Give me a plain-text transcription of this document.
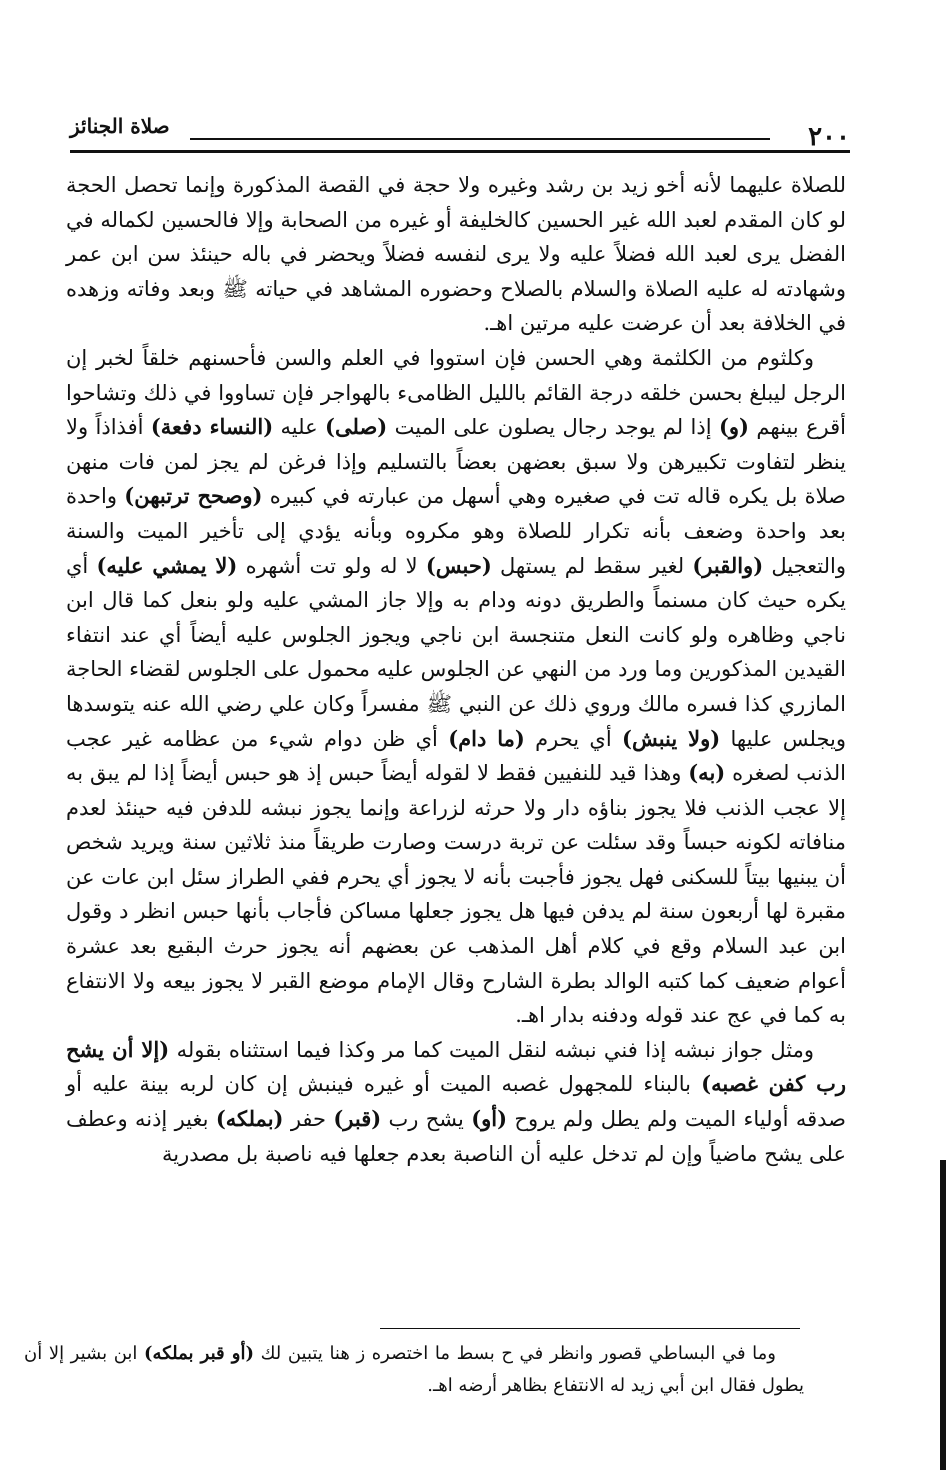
٢٠٠
صلاة الجنائز

للصلاة عليهما لأنه أخو زيد بن رشد وغيره ولا حجة في القصة المذكورة وإنما تحصل الحجة لو كان المقدم لعبد الله غير الحسين كالخليفة أو غيره من الصحابة وإلا فالحسين لكماله في الفضل يرى لعبد الله فضلاً عليه ولا يرى لنفسه فضلاً ويحضر في باله حينئذ سن ابن عمر وشهادته له عليه الصلاة والسلام بالصلاح وحضوره المشاهد في حياته ﷺ وبعد وفاته وزهده في الخلافة بعد أن عرضت عليه مرتين اهـ.

وكلثوم من الكلثمة وهي الحسن فإن استووا في العلم والسن فأحسنهم خلقاً لخبر إن الرجل ليبلغ بحسن خلقه درجة القائم بالليل الظامىء بالهواجر فإن تساووا في ذلك وتشاحوا أقرع بينهم (و) إذا لم يوجد رجال يصلون على الميت (صلى) عليه (النساء دفعة) أفذاذاً ولا ينظر لتفاوت تكبيرهن ولا سبق بعضهن بعضاً بالتسليم وإذا فرغن لم يجز لمن فات منهن صلاة بل يكره قاله تت في صغيره وهي أسهل من عبارته في كبيره (وصحح ترتبهن) واحدة بعد واحدة وضعف بأنه تكرار للصلاة وهو مكروه وبأنه يؤدي إلى تأخير الميت والسنة والتعجيل (والقبر) لغير سقط لم يستهل (حبس) لا له ولو تت أشهره (لا يمشي عليه) أي يكره حيث كان مسنماً والطريق دونه ودام به وإلا جاز المشي عليه ولو بنعل كما قال ابن ناجي وظاهره ولو كانت النعل متنجسة ابن ناجي ويجوز الجلوس عليه أيضاً أي عند انتفاء القيدين المذكورين وما ورد من النهي عن الجلوس عليه محمول على الجلوس لقضاء الحاجة المازري كذا فسره مالك وروي ذلك عن النبي ﷺ مفسراً وكان علي رضي الله عنه يتوسدها ويجلس عليها (ولا ينبش) أي يحرم (ما دام) أي ظن دوام شيء من عظامه غير عجب الذنب لصغره (به) وهذا قيد للنفيين فقط لا لقوله أيضاً حبس إذ هو حبس أيضاً إذا لم يبق به إلا عجب الذنب فلا يجوز بناؤه دار ولا حرثه لزراعة وإنما يجوز نبشه للدفن فيه حينئذ لعدم منافاته لكونه حبساً وقد سئلت عن تربة درست وصارت طريقاً منذ ثلاثين سنة ويريد شخص أن يبنيها بيتاً للسكنى فهل يجوز فأجبت بأنه لا يجوز أي يحرم ففي الطراز سئل ابن عات عن مقبرة لها أربعون سنة لم يدفن فيها هل يجوز جعلها مساكن فأجاب بأنها حبس انظر د وقول ابن عبد السلام وقع في كلام أهل المذهب عن بعضهم أنه يجوز حرث البقيع بعد عشرة أعوام ضعيف كما كتبه الوالد بطرة الشارح وقال الإمام موضع القبر لا يجوز بيعه ولا الانتفاع به كما في عج عند قوله ودفنه بدار اهـ.

ومثل جواز نبشه إذا فني نبشه لنقل الميت كما مر وكذا فيما استثناه بقوله (إلا أن يشح رب كفن غصبه) بالبناء للمجهول غصبه الميت أو غيره فينبش إن كان لربه بينة عليه أو صدقه أولياء الميت ولم يطل ولم يروح (أو) يشح رب (قبر) حفر (بملكه) بغير إذنه وعطف على يشح ماضياً وإن لم تدخل عليه أن الناصبة بعدم جعلها فيه ناصبة بل مصدرية

وما في البساطي قصور وانظر في ح بسط ما اختصره ز هنا يتبين لك (أو قبر بملكه) ابن بشير إلا أن يطول فقال ابن أبي زيد له الانتفاع بظاهر أرضه اهـ.
